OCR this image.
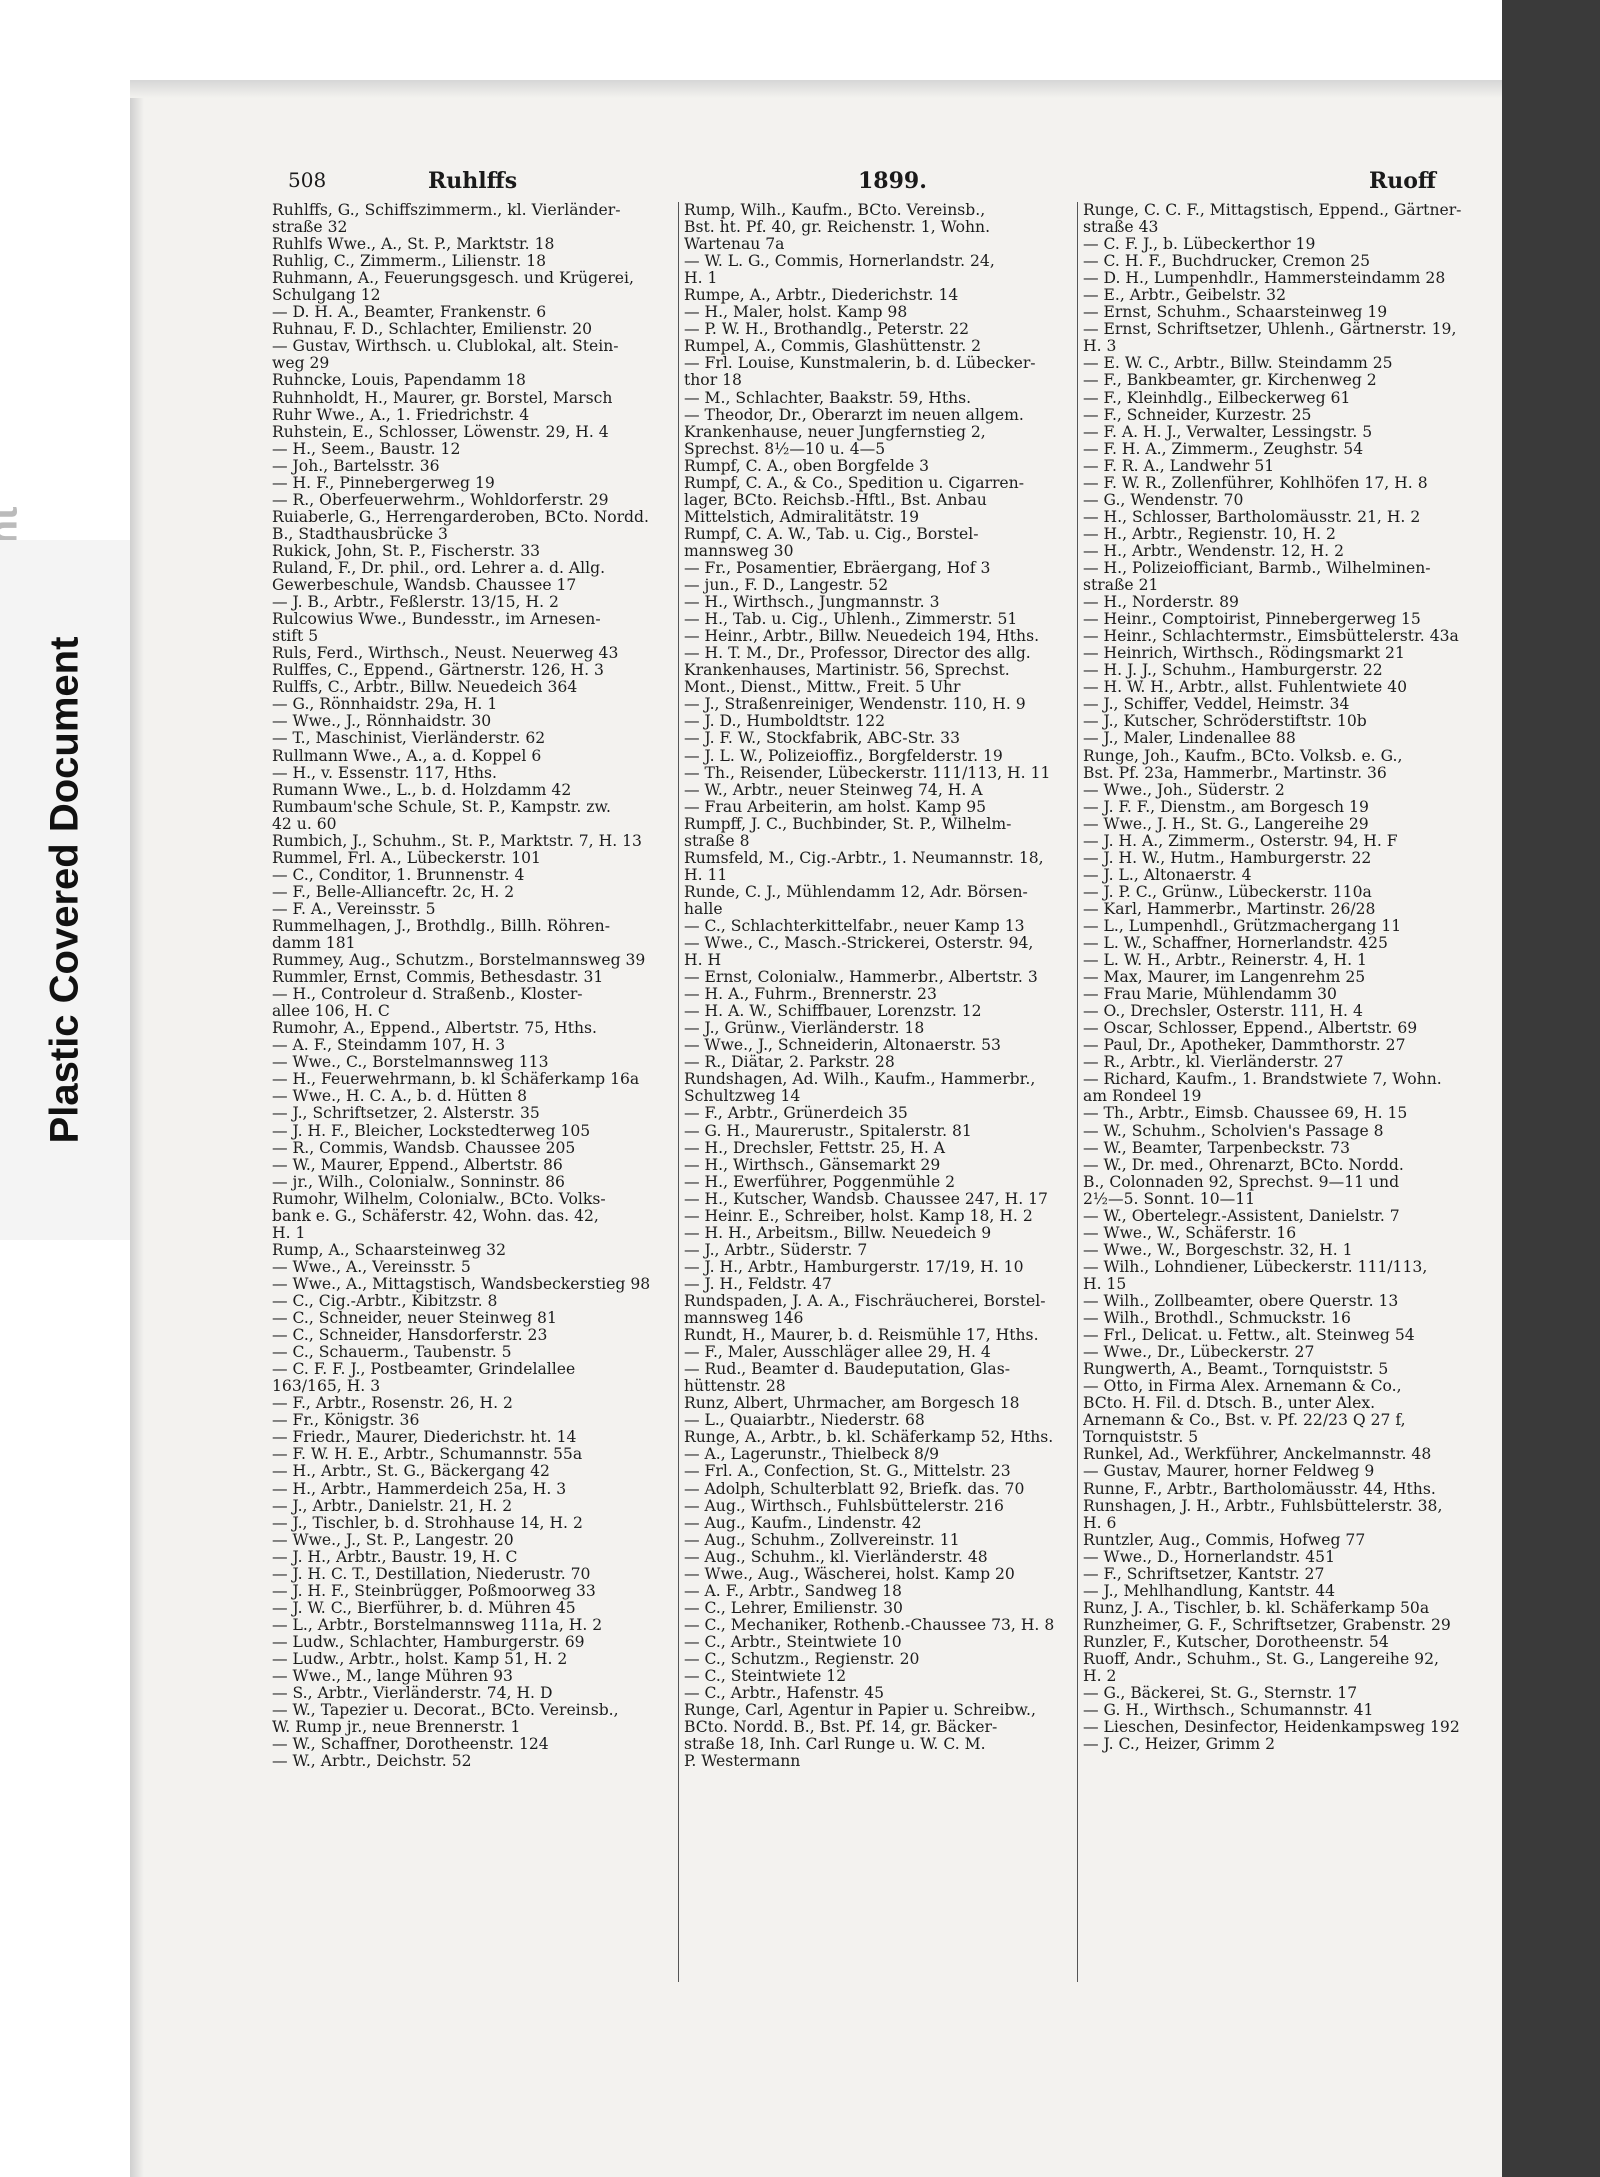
Plastic Covered Document
508	Ruhlffs	1899.	Ruoff
Ruhlffs, G., Schiffszimmerm., kl. Vierländer-
straße 32
Ruhlfs Wwe., A., St. P., Marktstr. 18
Ruhlig, C., Zimmerm., Lilienstr. 18
Ruhmann, A., Feuerungsgesch. und Krügerei,
Schulgang 12
— D. H. A., Beamter, Frankenstr. 6
Ruhnau, F. D., Schlachter, Emilienstr. 20
— Gustav, Wirthsch. u. Clublokal, alt. Stein-
weg 29
Ruhncke, Louis, Papendamm 18
Ruhnholdt, H., Maurer, gr. Borstel, Marsch
Ruhr Wwe., A., 1. Friedrichstr. 4
Ruhstein, E., Schlosser, Löwenstr. 29, H. 4
— H., Seem., Baustr. 12
— Joh., Bartelsstr. 36
— H. F., Pinnebergerweg 19
— R., Oberfeuerwehrm., Wohldorferstr. 29
Ruiaberle, G., Herrengarderoben, BCto. Nordd.
B., Stadthausbrücke 3
Rukick, John, St. P., Fischerstr. 33
Ruland, F., Dr. phil., ord. Lehrer a. d. Allg.
Gewerbeschule, Wandsb. Chaussee 17
— J. B., Arbtr., Feßlerstr. 13/15, H. 2
Rulcowius Wwe., Bundesstr., im Arnesen-
stift 5
Ruls, Ferd., Wirthsch., Neust. Neuerweg 43
Rulffes, C., Eppend., Gärtnerstr. 126, H. 3
Rulffs, C., Arbtr., Billw. Neuedeich 364
— G., Rönnhaidstr. 29a, H. 1
— Wwe., J., Rönnhaidstr. 30
— T., Maschinist, Vierländerstr. 62
Rullmann Wwe., A., a. d. Koppel 6
— H., v. Essenstr. 117, Hths.
Rumann Wwe., L., b. d. Holzdamm 42
Rumbaum'sche Schule, St. P., Kampstr. zw.
42 u. 60
Rumbich, J., Schuhm., St. P., Marktstr. 7, H. 13
Rummel, Frl. A., Lübeckerstr. 101
— C., Conditor, 1. Brunnenstr. 4
— F., Belle-Allianceftr. 2c, H. 2
— F. A., Vereinsstr. 5
Rummelhagen, J., Brothdlg., Billh. Röhren-
damm 181
Rummey, Aug., Schutzm., Borstelmannsweg 39
Rummler, Ernst, Commis, Bethesdastr. 31
— H., Controleur d. Straßenb., Kloster-
allee 106, H. C
Rumohr, A., Eppend., Albertstr. 75, Hths.
— A. F., Steindamm 107, H. 3
— Wwe., C., Borstelmannsweg 113
— H., Feuerwehrmann, b. kl Schäferkamp 16a
— Wwe., H. C. A., b. d. Hütten 8
— J., Schriftsetzer, 2. Alsterstr. 35
— J. H. F., Bleicher, Lockstedterweg 105
— R., Commis, Wandsb. Chaussee 205
— W., Maurer, Eppend., Albertstr. 86
— jr., Wilh., Colonialw., Sonninstr. 86
Rumohr, Wilhelm, Colonialw., BCto. Volks-
bank e. G., Schäferstr. 42, Wohn. das. 42,
H. 1
Rump, A., Schaarsteinweg 32
— Wwe., A., Vereinsstr. 5
— Wwe., A., Mittagstisch, Wandsbeckerstieg 98
— C., Cig.-Arbtr., Kibitzstr. 8
— C., Schneider, neuer Steinweg 81
— C., Schneider, Hansdorferstr. 23
— C., Schauerm., Taubenstr. 5
— C. F. F. J., Postbeamter, Grindelallee
163/165, H. 3
— F., Arbtr., Rosenstr. 26, H. 2
— Fr., Königstr. 36
— Friedr., Maurer, Diederichstr. ht. 14
— F. W. H. E., Arbtr., Schumannstr. 55a
— H., Arbtr., St. G., Bäckergang 42
— H., Arbtr., Hammerdeich 25a, H. 3
— J., Arbtr., Danielstr. 21, H. 2
— J., Tischler, b. d. Strohhause 14, H. 2
— Wwe., J., St. P., Langestr. 20
— J. H., Arbtr., Baustr. 19, H. C
— J. H. C. T., Destillation, Niederustr. 70
— J. H. F., Steinbrügger, Poßmoorweg 33
— J. W. C., Bierführer, b. d. Mühren 45
— L., Arbtr., Borstelmannsweg 111a, H. 2
— Ludw., Schlachter, Hamburgerstr. 69
— Ludw., Arbtr., holst. Kamp 51, H. 2
— Wwe., M., lange Mühren 93
— S., Arbtr., Vierländerstr. 74, H. D
— W., Tapezier u. Decorat., BCto. Vereinsb.,
W. Rump jr., neue Brennerstr. 1
— W., Schaffner, Dorotheenstr. 124
— W., Arbtr., Deichstr. 52
Rump, Wilh., Kaufm., BCto. Vereinsb.,
Bst. ht. Pf. 40, gr. Reichenstr. 1, Wohn.
Wartenau 7a
— W. L. G., Commis, Hornerlandstr. 24,
H. 1
Rumpe, A., Arbtr., Diederichstr. 14
— H., Maler, holst. Kamp 98
— P. W. H., Brothandlg., Peterstr. 22
Rumpel, A., Commis, Glashüttenstr. 2
— Frl. Louise, Kunstmalerin, b. d. Lübecker-
thor 18
— M., Schlachter, Baakstr. 59, Hths.
— Theodor, Dr., Oberarzt im neuen allgem.
Krankenhause, neuer Jungfernstieg 2,
Sprechst. 8½—10 u. 4—5
Rumpf, C. A., oben Borgfelde 3
Rumpf, C. A., & Co., Spedition u. Cigarren-
lager, BCto. Reichsb.-Hftl., Bst. Anbau
Mittelstich, Admiralitätstr. 19
Rumpf, C. A. W., Tab. u. Cig., Borstel-
mannsweg 30
— Fr., Posamentier, Ebräergang, Hof 3
— jun., F. D., Langestr. 52
— H., Wirthsch., Jungmannstr. 3
— H., Tab. u. Cig., Uhlenh., Zimmerstr. 51
— Heinr., Arbtr., Billw. Neuedeich 194, Hths.
— H. T. M., Dr., Professor, Director des allg.
Krankenhauses, Martinistr. 56, Sprechst.
Mont., Dienst., Mittw., Freit. 5 Uhr
— J., Straßenreiniger, Wendenstr. 110, H. 9
— J. D., Humboldtstr. 122
— J. F. W., Stockfabrik, ABC-Str. 33
— J. L. W., Polizeioffiz., Borgfelderstr. 19
— Th., Reisender, Lübeckerstr. 111/113, H. 11
— W., Arbtr., neuer Steinweg 74, H. A
— Frau Arbeiterin, am holst. Kamp 95
Rumpff, J. C., Buchbinder, St. P., Wilhelm-
straße 8
Rumsfeld, M., Cig.-Arbtr., 1. Neumannstr. 18,
H. 11
Runde, C. J., Mühlendamm 12, Adr. Börsen-
halle
— C., Schlachterkittelfabr., neuer Kamp 13
— Wwe., C., Masch.-Strickerei, Osterstr. 94,
H. H
— Ernst, Colonialw., Hammerbr., Albertstr. 3
— H. A., Fuhrm., Brennerstr. 23
— H. A. W., Schiffbauer, Lorenzstr. 12
— J., Grünw., Vierländerstr. 18
— Wwe., J., Schneiderin, Altonaerstr. 53
— R., Diätar, 2. Parkstr. 28
Rundshagen, Ad. Wilh., Kaufm., Hammerbr.,
Schultzweg 14
— F., Arbtr., Grünerdeich 35
— G. H., Maurerustr., Spitalerstr. 81
— H., Drechsler, Fettstr. 25, H. A
— H., Wirthsch., Gänsemarkt 29
— H., Ewerführer, Poggenmühle 2
— H., Kutscher, Wandsb. Chaussee 247, H. 17
— Heinr. E., Schreiber, holst. Kamp 18, H. 2
— H. H., Arbeitsm., Billw. Neuedeich 9
— J., Arbtr., Süderstr. 7
— J. H., Arbtr., Hamburgerstr. 17/19, H. 10
— J. H., Feldstr. 47
Rundspaden, J. A. A., Fischräucherei, Borstel-
mannsweg 146
Rundt, H., Maurer, b. d. Reismühle 17, Hths.
— F., Maler, Ausschläger allee 29, H. 4
— Rud., Beamter d. Baudeputation, Glas-
hüttenstr. 28
Runz, Albert, Uhrmacher, am Borgesch 18
— L., Quaiarbtr., Niederstr. 68
Runge, A., Arbtr., b. kl. Schäferkamp 52, Hths.
— A., Lagerunstr., Thielbeck 8/9
— Frl. A., Confection, St. G., Mittelstr. 23
— Adolph, Schulterblatt 92, Briefk. das. 70
— Aug., Wirthsch., Fuhlsbüttelerstr. 216
— Aug., Kaufm., Lindenstr. 42
— Aug., Schuhm., Zollvereinstr. 11
— Aug., Schuhm., kl. Vierländerstr. 48
— Wwe., Aug., Wäscherei, holst. Kamp 20
— A. F., Arbtr., Sandweg 18
— C., Lehrer, Emilienstr. 30
— C., Mechaniker, Rothenb.-Chaussee 73, H. 8
— C., Arbtr., Steintwiete 10
— C., Schutzm., Regienstr. 20
— C., Steintwiete 12
— C., Arbtr., Hafenstr. 45
Runge, Carl, Agentur in Papier u. Schreibw.,
BCto. Nordd. B., Bst. Pf. 14, gr. Bäcker-
straße 18, Inh. Carl Runge u. W. C. M.
P. Westermann
Runge, C. C. F., Mittagstisch, Eppend., Gärtner-
straße 43
— C. F. J., b. Lübeckerthor 19
— C. H. F., Buchdrucker, Cremon 25
— D. H., Lumpenhdlr., Hammersteindamm 28
— E., Arbtr., Geibelstr. 32
— Ernst, Schuhm., Schaarsteinweg 19
— Ernst, Schriftsetzer, Uhlenh., Gärtnerstr. 19,
H. 3
— E. W. C., Arbtr., Billw. Steindamm 25
— F., Bankbeamter, gr. Kirchenweg 2
— F., Kleinhdlg., Eilbeckerweg 61
— F., Schneider, Kurzestr. 25
— F. A. H. J., Verwalter, Lessingstr. 5
— F. H. A., Zimmerm., Zeughstr. 54
— F. R. A., Landwehr 51
— F. W. R., Zollenführer, Kohlhöfen 17, H. 8
— G., Wendenstr. 70
— H., Schlosser, Bartholomäusstr. 21, H. 2
— H., Arbtr., Regienstr. 10, H. 2
— H., Arbtr., Wendenstr. 12, H. 2
— H., Polizeiofficiant, Barmb., Wilhelminen-
straße 21
— H., Norderstr. 89
— Heinr., Comptoirist, Pinnebergerweg 15
— Heinr., Schlachtermstr., Eimsbüttelerstr. 43a
— Heinrich, Wirthsch., Rödingsmarkt 21
— H. J. J., Schuhm., Hamburgerstr. 22
— H. W. H., Arbtr., allst. Fuhlentwiete 40
— J., Schiffer, Veddel, Heimstr. 34
— J., Kutscher, Schröderstiftstr. 10b
— J., Maler, Lindenallee 88
Runge, Joh., Kaufm., BCto. Volksb. e. G.,
Bst. Pf. 23a, Hammerbr., Martinstr. 36
— Wwe., Joh., Süderstr. 2
— J. F. F., Dienstm., am Borgesch 19
— Wwe., J. H., St. G., Langereihe 29
— J. H. A., Zimmerm., Osterstr. 94, H. F
— J. H. W., Hutm., Hamburgerstr. 22
— J. L., Altonaerstr. 4
— J. P. C., Grünw., Lübeckerstr. 110a
— Karl, Hammerbr., Martinstr. 26/28
— L., Lumpenhdl., Grützmachergang 11
— L. W., Schaffner, Hornerlandstr. 425
— L. W. H., Arbtr., Reinerstr. 4, H. 1
— Max, Maurer, im Langenrehm 25
— Frau Marie, Mühlendamm 30
— O., Drechsler, Osterstr. 111, H. 4
— Oscar, Schlosser, Eppend., Albertstr. 69
— Paul, Dr., Apotheker, Dammthorstr. 27
— R., Arbtr., kl. Vierländerstr. 27
— Richard, Kaufm., 1. Brandstwiete 7, Wohn.
am Rondeel 19
— Th., Arbtr., Eimsb. Chaussee 69, H. 15
— W., Schuhm., Scholvien's Passage 8
— W., Beamter, Tarpenbeckstr. 73
— W., Dr. med., Ohrenarzt, BCto. Nordd.
B., Colonnaden 92, Sprechst. 9—11 und
2½—5. Sonnt. 10—11
— W., Obertelegr.-Assistent, Danielstr. 7
— Wwe., W., Schäferstr. 16
— Wwe., W., Borgeschstr. 32, H. 1
— Wilh., Lohndiener, Lübeckerstr. 111/113,
H. 15
— Wilh., Zollbeamter, obere Querstr. 13
— Wilh., Brothdl., Schmuckstr. 16
— Frl., Delicat. u. Fettw., alt. Steinweg 54
— Wwe., Dr., Lübeckerstr. 27
Rungwerth, A., Beamt., Tornquiststr. 5
— Otto, in Firma Alex. Arnemann & Co.,
BCto. H. Fil. d. Dtsch. B., unter Alex.
Arnemann & Co., Bst. v. Pf. 22/23 Q 27 f,
Tornquiststr. 5
Runkel, Ad., Werkführer, Anckelmannstr. 48
— Gustav, Maurer, horner Feldweg 9
Runne, F., Arbtr., Bartholomäusstr. 44, Hths.
Runshagen, J. H., Arbtr., Fuhlsbüttelerstr. 38,
H. 6
Runtzler, Aug., Commis, Hofweg 77
— Wwe., D., Hornerlandstr. 451
— F., Schriftsetzer, Kantstr. 27
— J., Mehlhandlung, Kantstr. 44
Runz, J. A., Tischler, b. kl. Schäferkamp 50a
Runzheimer, G. F., Schriftsetzer, Grabenstr. 29
Runzler, F., Kutscher, Dorotheenstr. 54
Ruoff, Andr., Schuhm., St. G., Langereihe 92,
H. 2
— G., Bäckerei, St. G., Sternstr. 17
— G. H., Wirthsch., Schumannstr. 41
— Lieschen, Desinfector, Heidenkampsweg 192
— J. C., Heizer, Grimm 2
